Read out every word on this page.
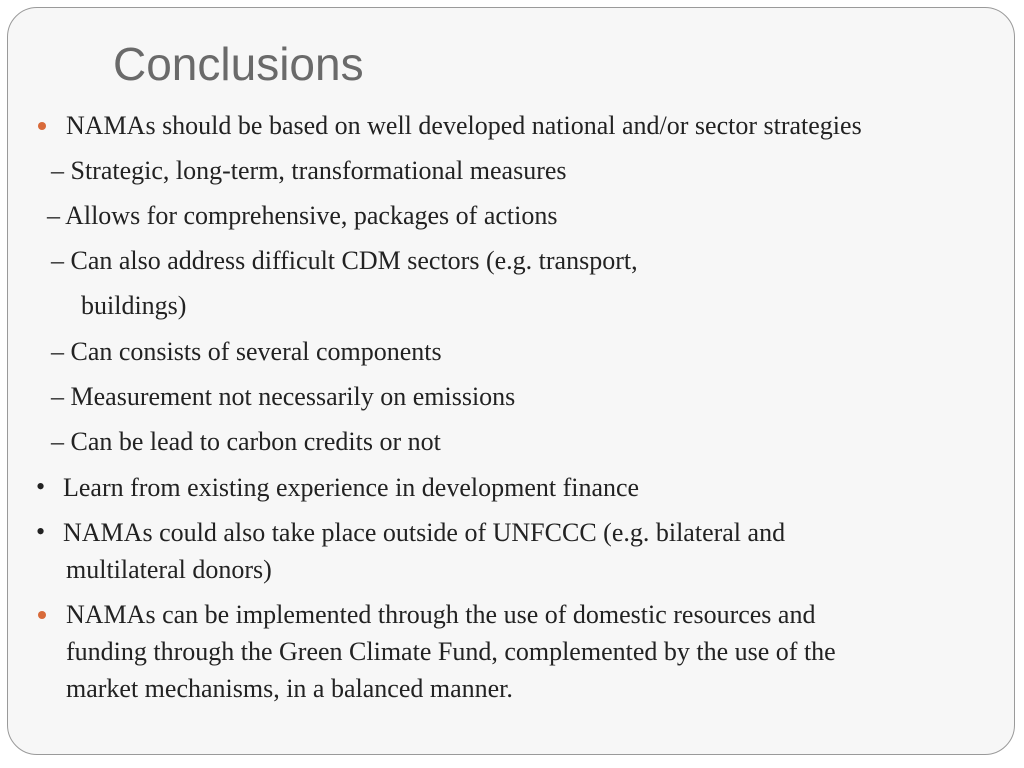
Conclusions
NAMAs should be based on well developed national and/or sector strategies
– Strategic, long-term, transformational measures
– Allows for comprehensive, packages of actions
– Can also address difficult CDM sectors (e.g. transport,
buildings)
– Can consists of several components
– Measurement not necessarily on emissions
– Can be lead to carbon credits or not
• Learn from existing experience in development finance
• NAMAs could also take place outside of UNFCCC (e.g. bilateral and
multilateral donors)
NAMAs can be implemented through the use of domestic resources and
funding through the Green Climate Fund, complemented by the use of the
market mechanisms, in a balanced manner.
